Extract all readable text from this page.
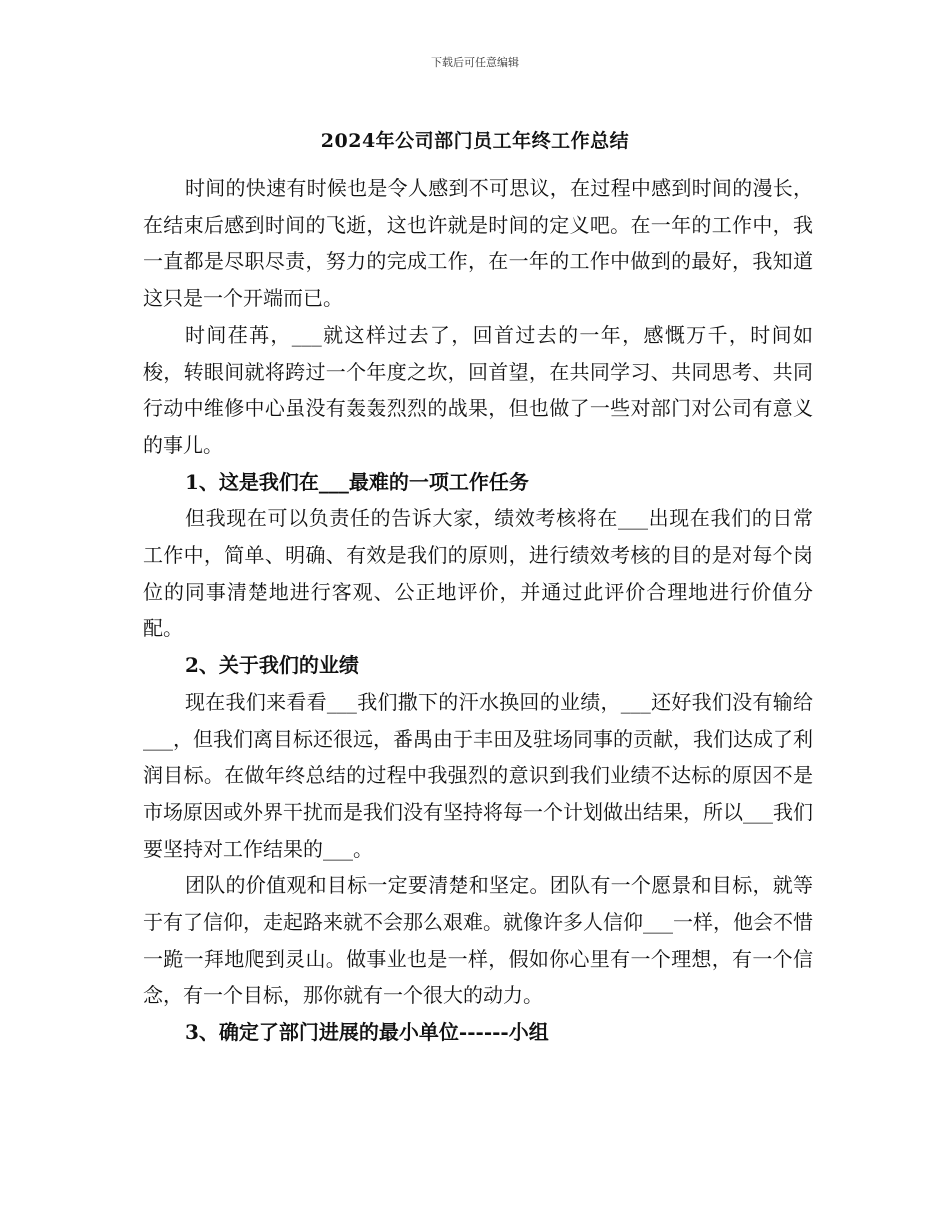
下载后可任意编辑
2024年公司部门员工年终工作总结

时间的快速有时候也是令人感到不可思议，在过程中感到时间的漫长，在结束后感到时间的飞逝，这也许就是时间的定义吧。在一年的工作中，我一直都是尽职尽责，努力的完成工作，在一年的工作中做到的最好，我知道这只是一个开端而已。

时间荏苒，___就这样过去了，回首过去的一年，感慨万千，时间如梭，转眼间就将跨过一个年度之坎，回首望，在共同学习、共同思考、共同行动中维修中心虽没有轰轰烈烈的战果，但也做了一些对部门对公司有意义的事儿。

1、这是我们在___最难的一项工作任务

但我现在可以负责任的告诉大家，绩效考核将在___出现在我们的日常工作中，简单、明确、有效是我们的原则，进行绩效考核的目的是对每个岗位的同事清楚地进行客观、公正地评价，并通过此评价合理地进行价值分配。

2、关于我们的业绩

现在我们来看看___我们撒下的汗水换回的业绩，___还好我们没有输给___，但我们离目标还很远，番禺由于丰田及驻场同事的贡献，我们达成了利润目标。在做年终总结的过程中我强烈的意识到我们业绩不达标的原因不是市场原因或外界干扰而是我们没有坚持将每一个计划做出结果，所以___我们要坚持对工作结果的___。

团队的价值观和目标一定要清楚和坚定。团队有一个愿景和目标，就等于有了信仰，走起路来就不会那么艰难。就像许多人信仰___一样，他会不惜一跪一拜地爬到灵山。做事业也是一样，假如你心里有一个理想，有一个信念，有一个目标，那你就有一个很大的动力。

3、确定了部门进展的最小单位------小组
